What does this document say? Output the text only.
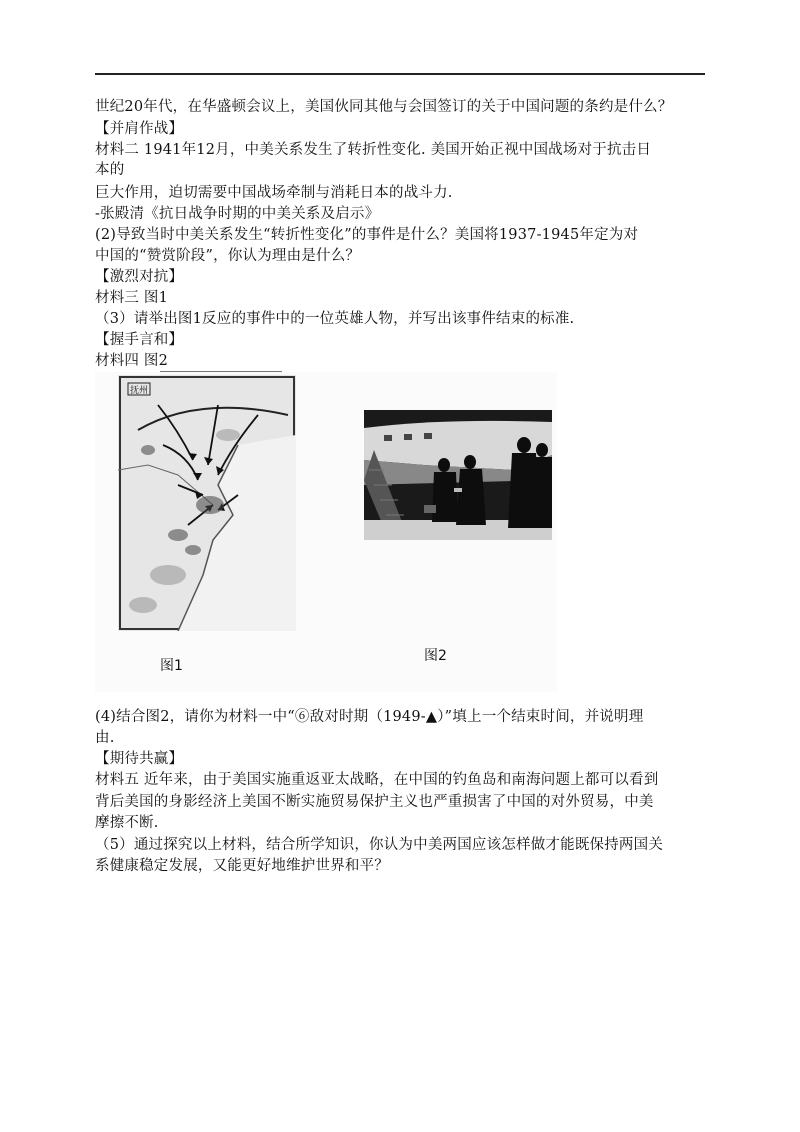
世纪20年代，在华盛顿会议上，美国伙同其他与会国签订的关于中国问题的条约是什么？
【并肩作战】
材料二 1941年12月，中美关系发生了转折性变化. 美国开始正视中国战场对于抗击日
本的
巨大作用，迫切需要中国战场牵制与消耗日本的战斗力.
-张殿清《抗日战争时期的中美关系及启示》
(2)导致当时中美关系发生“转折性变化”的事件是什么？美国将1937-1945年定为对
中国的“赞赏阶段”，你认为理由是什么？
【激烈对抗】
材料三 图1
（3）请举出图1反应的事件中的一位英雄人物，并写出该事件结束的标准.
【握手言和】
材料四 图2
抚州
图1
图2
(4)结合图2，请你为材料一中“⑥敌对时期（1949-▲）”填上一个结束时间，并说明理
由.
【期待共赢】
材料五 近年来，由于美国实施重返亚太战略，在中国的钓鱼岛和南海问题上都可以看到
背后美国的身影经济上美国不断实施贸易保护主义也严重损害了中国的对外贸易，中美
摩擦不断.
（5）通过探究以上材料，结合所学知识，你认为中美两国应该怎样做才能既保持两国关
系健康稳定发展，又能更好地维护世界和平？
